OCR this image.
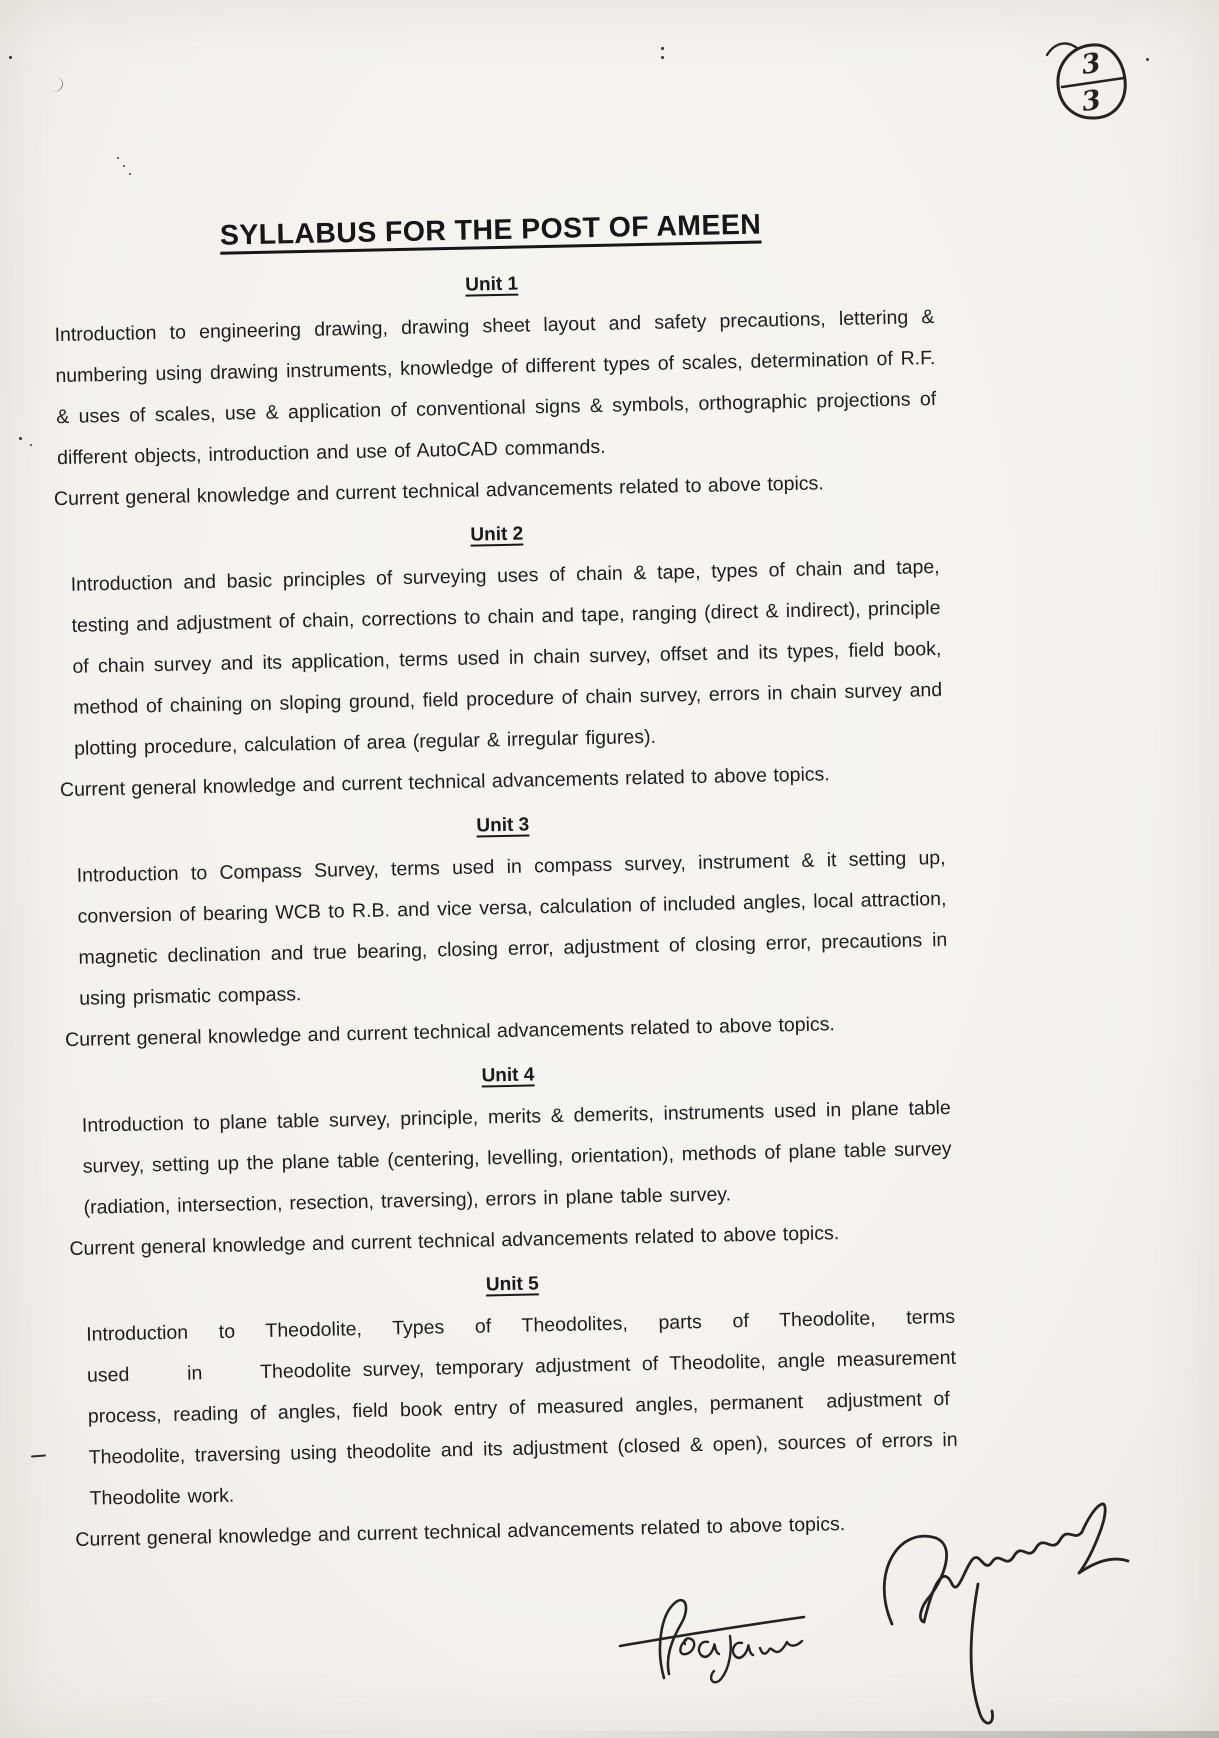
3
3
SYLLABUS FOR THE POST OF AMEEN
Unit 1

Introduction to engineering drawing, drawing sheet layout and safety precautions, lettering & numbering using drawing instruments, knowledge of different types of scales, determination of R.F. & uses of scales, use & application of conventional signs & symbols, orthographic projections of different objects, introduction and use of AutoCAD commands.

Current general knowledge and current technical advancements related to above topics.

Unit 2

Introduction and basic principles of surveying uses of chain & tape, types of chain and tape, testing and adjustment of chain, corrections to chain and tape, ranging (direct & indirect), principle of chain survey and its application, terms used in chain survey, offset and its types, field book, method of chaining on sloping ground, field procedure of chain survey, errors in chain survey and plotting procedure, calculation of area (regular & irregular figures).

Current general knowledge and current technical advancements related to above topics.

Unit 3

Introduction to Compass Survey, terms used in compass survey, instrument & it setting up, conversion of bearing WCB to R.B. and vice versa, calculation of included angles, local attraction, magnetic declination and true bearing, closing error, adjustment of closing error, precautions in using prismatic compass.

Current general knowledge and current technical advancements related to above topics.

Unit 4

Introduction to plane table survey, principle, merits & demerits, instruments used in plane table survey, setting up the plane table (centering, levelling, orientation), methods of plane table survey (radiation, intersection, resection, traversing), errors in plane table survey.

Current general knowledge and current technical advancements related to above topics.

Unit 5

Introduction to Theodolite, Types of Theodolites, parts of Theodolite, terms used     in     Theodolite survey, temporary adjustment of Theodolite, angle measurement process, reading of angles, field book entry of measured angles, permanent  adjustment of  Theodolite, traversing using theodolite and its adjustment (closed & open), sources of errors in Theodolite work.

Current general knowledge and current technical advancements related to above topics.
